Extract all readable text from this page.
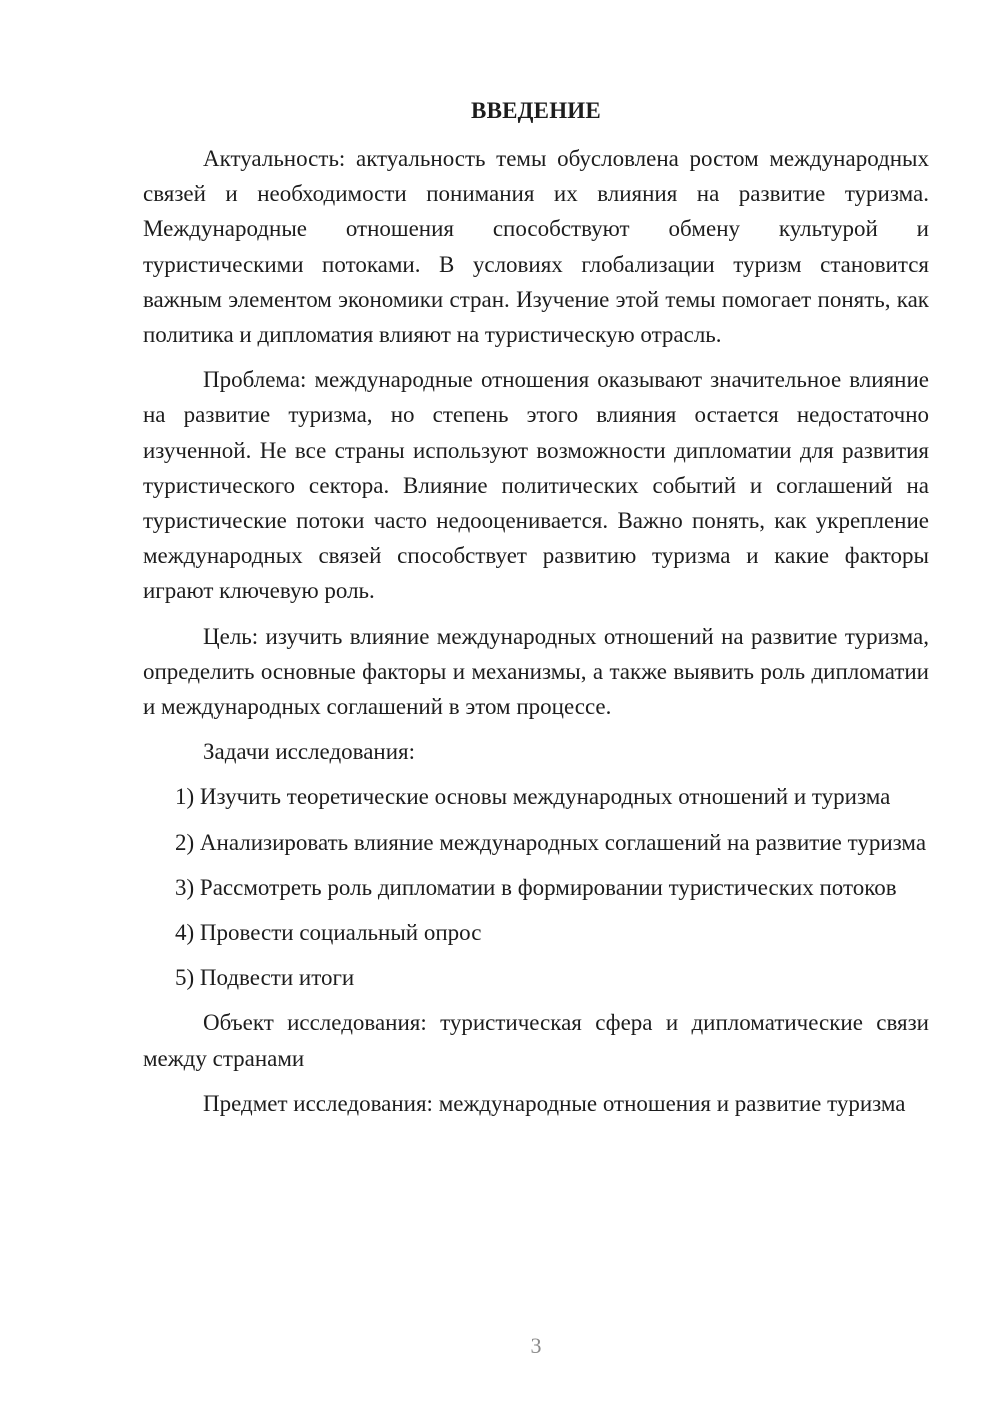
ВВЕДЕНИЕ

Актуальность: актуальность темы обусловлена ростом международных связей и необходимости понимания их влияния на развитие туризма. Международные отношения способствуют обмену культурой и туристическими потоками. В условиях глобализации туризм становится важным элементом экономики стран. Изучение этой темы помогает понять, как политика и дипломатия влияют на туристическую отрасль.

Проблема: международные отношения оказывают значительное влияние на развитие туризма, но степень этого влияния остается недостаточно изученной. Не все страны используют возможности дипломатии для развития туристического сектора. Влияние политических событий и соглашений на туристические потоки часто недооценивается. Важно понять, как укрепление международных связей способствует развитию туризма и какие факторы играют ключевую роль.

Цель: изучить влияние международных отношений на развитие туризма, определить основные факторы и механизмы, а также выявить роль дипломатии и международных соглашений в этом процессе.

Задачи исследования:

1) Изучить теоретические основы международных отношений и туризма

2) Анализировать влияние международных соглашений на развитие туризма

3) Рассмотреть роль дипломатии в формировании туристических потоков

4) Провести социальный опрос

5) Подвести итоги

Объект исследования: туристическая сфера и дипломатические связи между странами

Предмет исследования: международные отношения и развитие туризма

3
